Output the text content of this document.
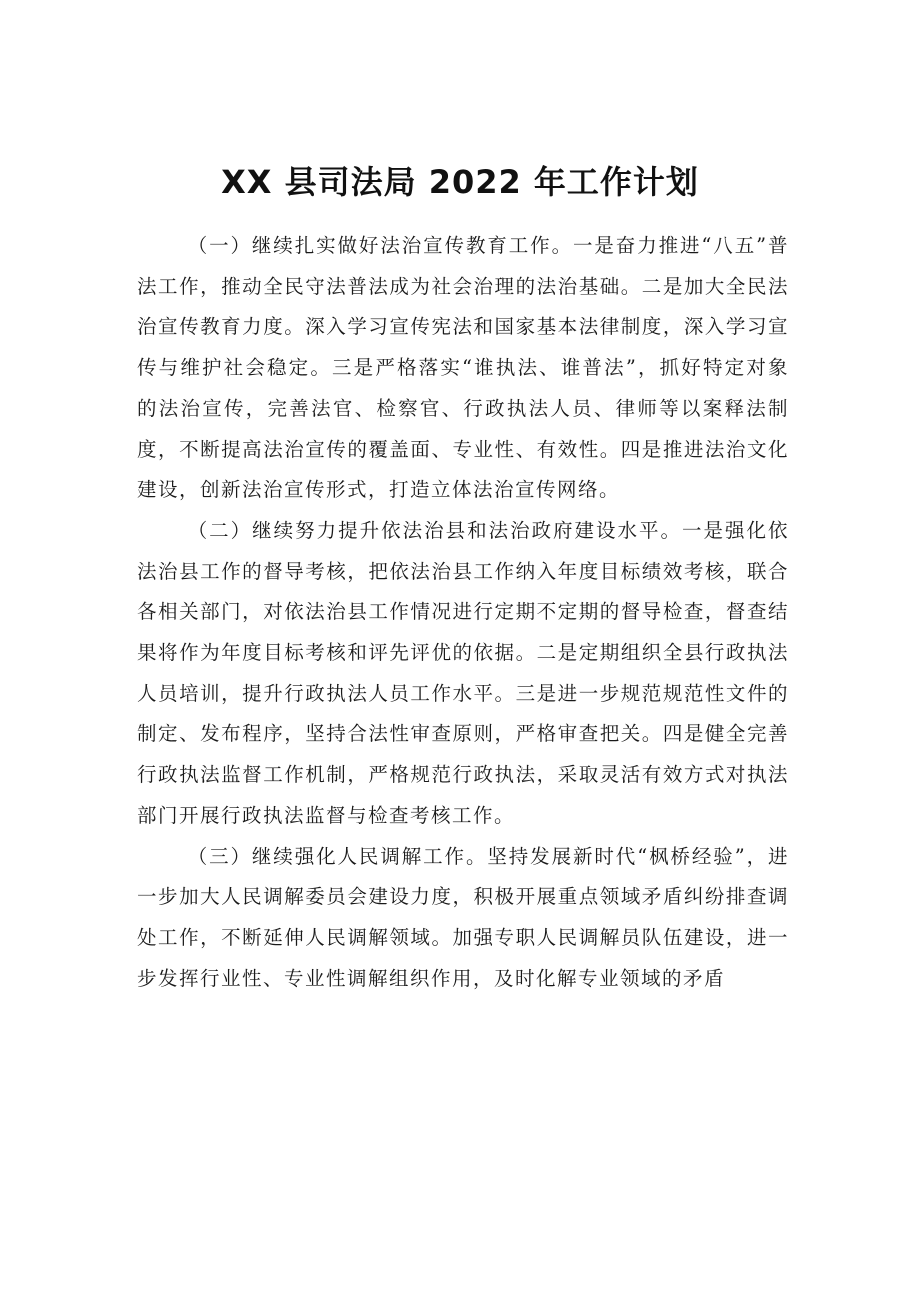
XX 县司法局 2022 年工作计划

（一）继续扎实做好法治宣传教育工作。一是奋力推进“八五”普法工作，推动全民守法普法成为社会治理的法治基础。二是加大全民法治宣传教育力度。深入学习宣传宪法和国家基本法律制度，深入学习宣传与维护社会稳定。三是严格落实“谁执法、谁普法”，抓好特定对象的法治宣传，完善法官、检察官、行政执法人员、律师等以案释法制度，不断提高法治宣传的覆盖面、专业性、有效性。四是推进法治文化建设，创新法治宣传形式，打造立体法治宣传网络。

（二）继续努力提升依法治县和法治政府建设水平。一是强化依法治县工作的督导考核，把依法治县工作纳入年度目标绩效考核，联合各相关部门，对依法治县工作情况进行定期不定期的督导检查，督查结果将作为年度目标考核和评先评优的依据。二是定期组织全县行政执法人员培训，提升行政执法人员工作水平。三是进一步规范规范性文件的制定、发布程序，坚持合法性审查原则，严格审查把关。四是健全完善行政执法监督工作机制，严格规范行政执法，采取灵活有效方式对执法部门开展行政执法监督与检查考核工作。

（三）继续强化人民调解工作。坚持发展新时代“枫桥经验”，进一步加大人民调解委员会建设力度，积极开展重点领域矛盾纠纷排查调处工作，不断延伸人民调解领域。加强专职人民调解员队伍建设，进一步发挥行业性、专业性调解组织作用，及时化解专业领域的矛盾
